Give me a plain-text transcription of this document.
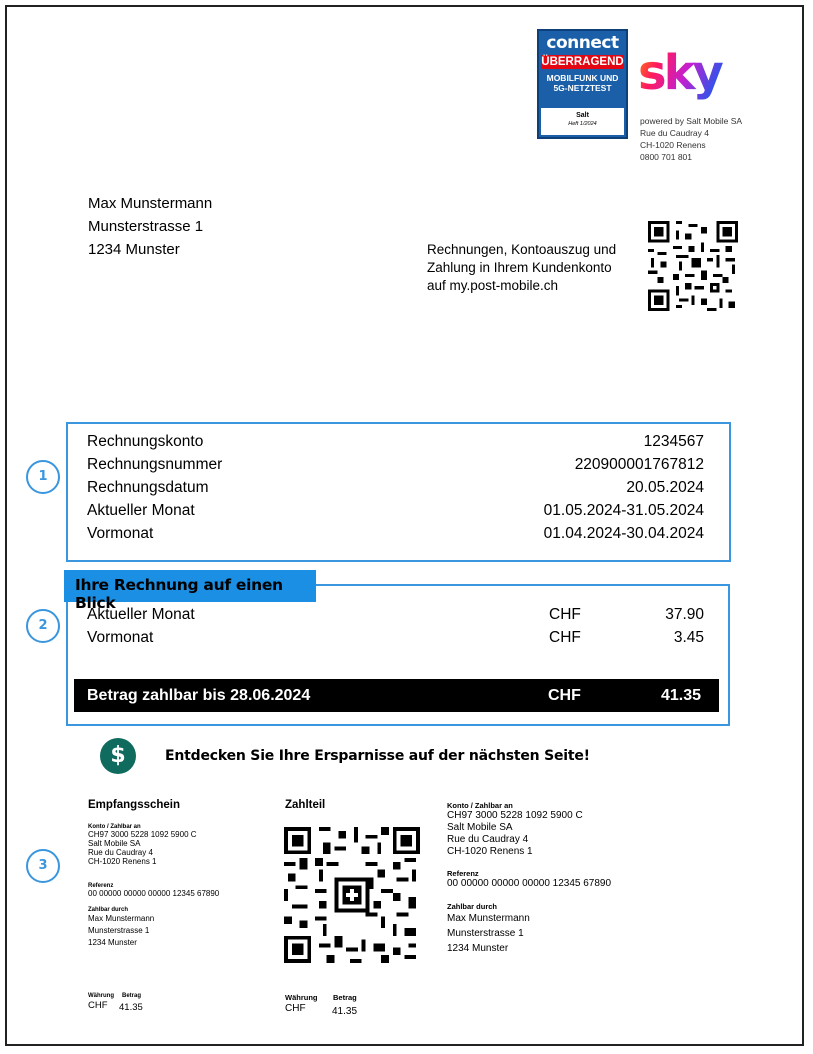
connect
ÜBERRAGEND
MOBILFUNK UND
5G-NETZTEST
Salt
Heft 1/2024
sky
powered by Salt Mobile SA
Rue du Caudray 4
CH-1020 Renens
0800 701 801
Max Munstermann
Munsterstrasse 1
1234 Munster	Rechnungen, Kontoauszug und
Zahlung in Ihrem Kundenkonto
auf my.post-mobile.ch
1
2
3
Rechnungskonto	1234567
Rechnungsnummer	220900001767812
Rechnungsdatum	20.05.2024
Aktueller Monat	01.05.2024-31.05.2024
Vormonat	01.04.2024-30.04.2024
Ihre Rechnung auf einen Blick
Aktueller Monat	CHF	37.90
Vormonat	CHF	3.45
Betrag zahlbar bis 28.06.2024	CHF	41.35
$	Entdecken Sie Ihre Ersparnisse auf der nächsten Seite!
Empfangsschein
Konto / Zahlbar an
CH97 3000 5228 1092 5900 C
Salt Mobile SA
Rue du Caudray 4
CH-1020 Renens 1
Referenz
00 00000 00000 00000 12345 67890
Zahlbar durch
Max Munstermann
Munsterstrasse 1
1234 Munster
Währung Betrag
CHF 41.35
Zahlteil
Währung Betrag
CHF	41.35
Konto / Zahlbar an
CH97 3000 5228 1092 5900 C
Salt Mobile SA
Rue du Caudray 4
CH-1020 Renens 1
Referenz
00 00000 00000 00000 12345 67890
Zahlbar durch
Max Munstermann
Munsterstrasse 1
1234 Munster
